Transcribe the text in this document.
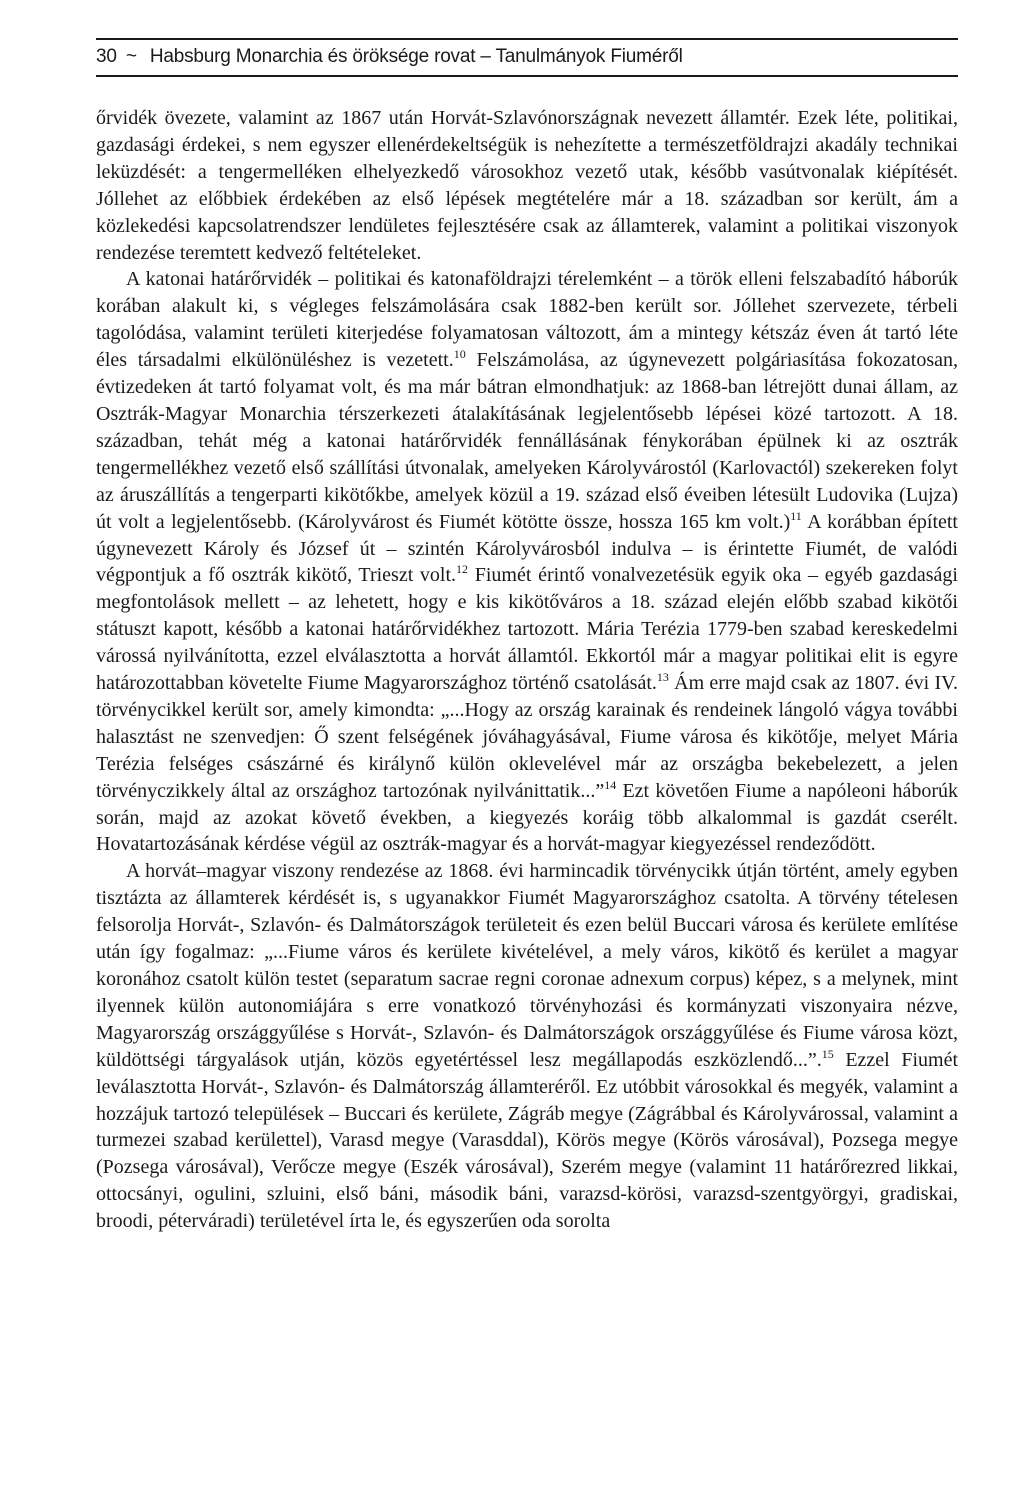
30 ~ Habsburg Monarchia és öröksége rovat – Tanulmányok Fiuméről

őrvidék övezete, valamint az 1867 után Horvát-Szlavónországnak nevezett államtér. Ezek léte, politikai, gazdasági érdekei, s nem egyszer ellenérdekeltségük is nehezítette a természetföldrajzi akadály technikai leküzdését: a tengermelléken elhelyezkedő városokhoz vezető utak, később vasútvonalak kiépítését. Jóllehet az előbbiek érdekében az első lépések megtételére már a 18. században sor került, ám a közlekedési kapcsolatrendszer lendületes fejlesztésére csak az államterek, valamint a politikai viszonyok rendezése teremtett kedvező feltételeket.

A katonai határőrvidék – politikai és katonaföldrajzi térelemként – a török elleni felszabadító háborúk korában alakult ki, s végleges felszámolására csak 1882-ben került sor. Jóllehet szervezete, térbeli tagolódása, valamint területi kiterjedése folyamatosan változott, ám a mintegy kétszáz éven át tartó léte éles társadalmi elkülönüléshez is vezetett.$^{10}$ Felszámolása, az úgynevezett polgáriasítása fokozatosan, évtizedeken át tartó folyamat volt, és ma már bátran elmondhatjuk: az 1868-ban létrejött dunai állam, az Osztrák-Magyar Monarchia térszerkezeti átalakításának legjelentősebb lépései közé tartozott. A 18. században, tehát még a katonai határőrvidék fennállásának fénykorában épülnek ki az osztrák tengermellékhez vezető első szállítási útvonalak, amelyeken Károlyvárostól (Karlovactól) szekereken folyt az áruszállítás a tengerparti kikötőkbe, amelyek közül a 19. század első éveiben létesült Ludovika (Lujza) út volt a legjelentősebb. (Károlyvárost és Fiumét kötötte össze, hossza 165 km volt.)$^{11}$ A korábban épített úgynevezett Károly és József út – szintén Károlyvárosból indulva – is érintette Fiumét, de valódi végpontjuk a fő osztrák kikötő, Trieszt volt.$^{12}$ Fiumét érintő vonalvezetésük egyik oka – egyéb gazdasági megfontolások mellett – az lehetett, hogy e kis kikötőváros a 18. század elején előbb szabad kikötői státuszt kapott, később a katonai határőrvidékhez tartozott. Mária Terézia 1779-ben szabad kereskedelmi várossá nyilvánította, ezzel elválasztotta a horvát államtól. Ekkortól már a magyar politikai elit is egyre határozottabban követelte Fiume Magyarországhoz történő csatolását.$^{13}$ Ám erre majd csak az 1807. évi IV. törvénycikkel került sor, amely kimondta: „...Hogy az ország karainak és rendeinek lángoló vágya további halasztást ne szenvedjen: Ő szent felségének jóváhagyásával, Fiume városa és kikötője, melyet Mária Terézia felséges császárné és királynő külön oklevelével már az országba bekebelezett, a jelen törvényczikkely által az országhoz tartozónak nyilvánittatik...”$^{14}$ Ezt követően Fiume a napóleoni háborúk során, majd az azokat követő években, a kiegyezés koráig több alkalommal is gazdát cserélt. Hovatartozásának kérdése végül az osztrák-magyar és a horvát-magyar kiegyezéssel rendeződött.

A horvát–magyar viszony rendezése az 1868. évi harmincadik törvénycikk útján történt, amely egyben tisztázta az államterek kérdését is, s ugyanakkor Fiumét Magyarországhoz csatolta. A törvény tételesen felsorolja Horvát-, Szlavón- és Dalmátországok területeit és ezen belül Buccari városa és kerülete említése után így fogalmaz: „...Fiume város és kerülete kivételével, a mely város, kikötő és kerület a magyar koronához csatolt külön testet (separatum sacrae regni coronae adnexum corpus) képez, s a melynek, mint ilyennek külön autonomiájára s erre vonatkozó törvényhozási és kormányzati viszonyaira nézve, Magyarország országgyűlése s Horvát-, Szlavón- és Dalmátországok országgyűlése és Fiume városa közt, küldöttségi tárgyalások utján, közös egyetértéssel lesz megállapodás eszközlendő...”.$^{15}$ Ezzel Fiumét leválasztotta Horvát-, Szlavón- és Dalmátország államteréről. Ez utóbbit városokkal és megyék, valamint a hozzájuk tartozó települések – Buccari és kerülete, Zágráb megye (Zágrábbal és Károlyvárossal, valamint a turmezei szabad kerülettel), Varasd megye (Varasddal), Körös megye (Körös városával), Pozsega megye (Pozsega városával), Verőcze megye (Eszék városával), Szerém megye (valamint 11 határőrezred likkai, ottocsányi, ogulini, szluini, első báni, második báni, varazsd-körösi, varazsd-szentgyörgyi, gradiskai, broodi, péterváradi) területével írta le, és egyszerűen oda sorolta
